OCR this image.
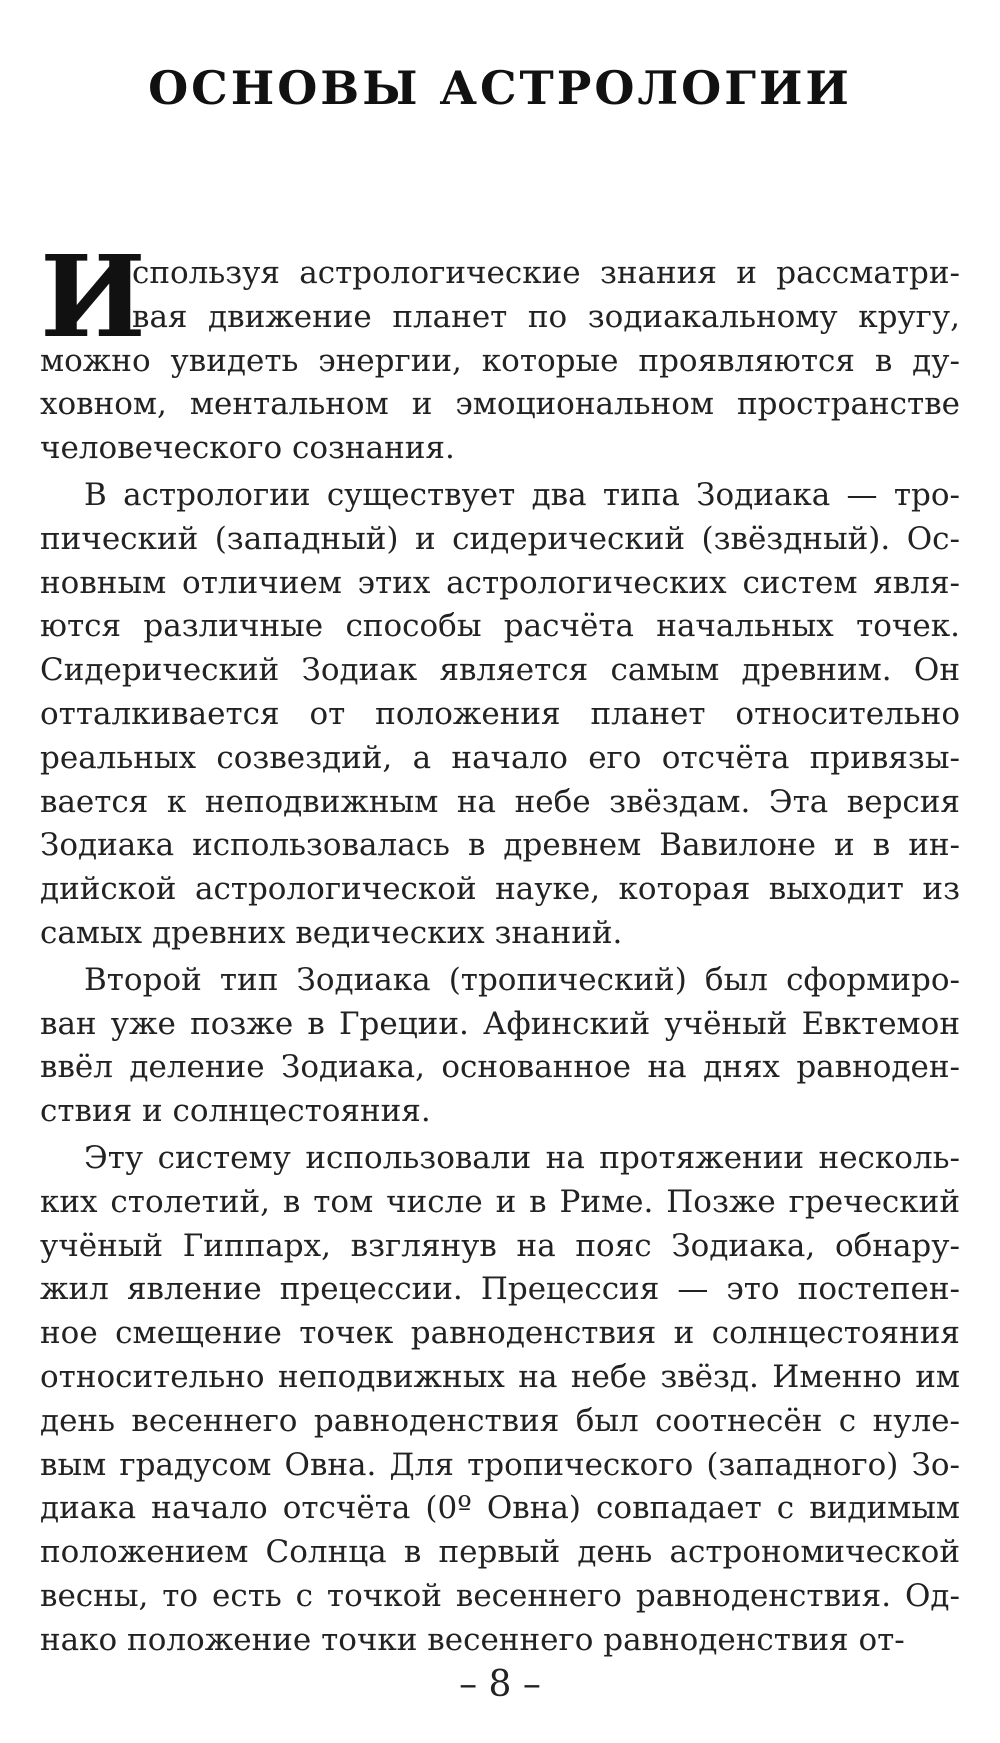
ОСНОВЫ АСТРОЛОГИИ
И
спользуя астрологические знания и рассматри-
вая движение планет по зодиакальному кругу,
можно увидеть энергии, которые проявляются в ду-
ховном, ментальном и эмоциональном пространстве
человеческого сознания.
В астрологии существует два типа Зодиака — тро-
пический (западный) и сидерический (звёздный). Ос-
новным отличием этих астрологических систем явля-
ются различные способы расчёта начальных точек.
Сидерический Зодиак является самым древним. Он
отталкивается от положения планет относительно
реальных созвездий, а начало его отсчёта привязы-
вается к неподвижным на небе звёздам. Эта версия
Зодиака использовалась в древнем Вавилоне и в ин-
дийской астрологической науке, которая выходит из
самых древних ведических знаний.
Второй тип Зодиака (тропический) был сформиро-
ван уже позже в Греции. Афинский учёный Евктемон
ввёл деление Зодиака, основанное на днях равноден-
ствия и солнцестояния.
Эту систему использовали на протяжении несколь-
ких столетий, в том числе и в Риме. Позже греческий
учёный Гиппарх, взглянув на пояс Зодиака, обнару-
жил явление прецессии. Прецессия — это постепен-
ное смещение точек равноденствия и солнцестояния
относительно неподвижных на небе звёзд. Именно им
день весеннего равноденствия был соотнесён с нуле-
вым градусом Овна. Для тропического (западного) Зо-
диака начало отсчёта (0º Овна) совпадает с видимым
положением Солнца в первый день астрономической
весны, то есть с точкой весеннего равноденствия. Од-
нако положение точки весеннего равноденствия от-
– 8 –
